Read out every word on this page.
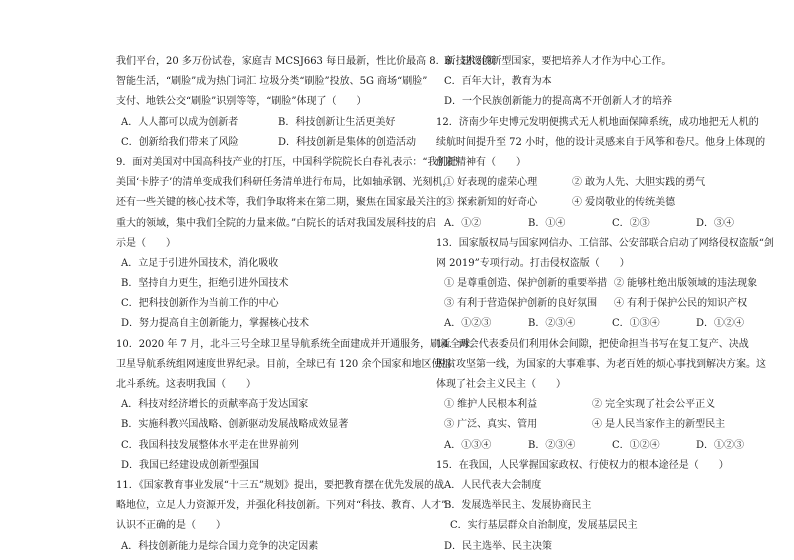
我们平台，20 多万份试卷，家庭吉 MCSJ663 每日最新，性比价最高 8．新技术引领
智能生活，“刷脸”成为热门词汇 垃圾分类“刷脸”投放、5G 商场“刷脸”
支付、地铁公交“刷脸”识别等等，“刷脸”体现了（　　）
A．人人都可以成为创新者	B．科技创新让生活更美好
C．创新给我们带来了风险	D．科技创新是集体的创造活动
9．面对美国对中国高科技产业的打压，中国科学院院长白春礼表示：“我们把
美国‘卡脖子’的清单变成我们科研任务清单进行布局，比如轴承钢、光刻机，
还有一些关键的核心技术等，我们争取将来在第二期，聚焦在国家最关注的
重大的领域，集中我们全院的力量来做。”白院长的话对我国发展科技的启
示是（　　）
A．立足于引进外国技术，消化吸收
B．坚持自力更生，拒绝引进外国技术
C．把科技创新作为当前工作的中心
D．努力提高自主创新能力，掌握核心技术
10．2020 年 7 月，北斗三号全球卫星导航系统全面建成并开通服务，刷新全球
卫星导航系统组网速度世界纪录。目前，全球已有 120 余个国家和地区使用
北斗系统。这表明我国（　　）
A．科技对经济增长的贡献率高于发达国家
B．实施科教兴国战略、创新驱动发展战略成效显著
C．我国科技发展整体水平走在世界前列
D．我国已经建设成创新型强国
11．《国家教育事业发展“十三五”规划》提出，要把教育摆在优先发展的战
略地位，立足人力资源开发，并强化科技创新。下列对“科技、教育、人才”
认识不正确的是（　　）
A．科技创新能力是综合国力竞争的决定因素
B．建设创新型国家，要把培养人才作为中心工作。
C．百年大计，教育为本
D．一个民族创新能力的提高离不开创新人才的培养
12．济南少年史博元发明便携式无人机地面保障系统，成功地把无人机的
续航时间提升至 72 小时，他的设计灵感来自于风筝和卷尺。他身上体现的
创新精神有（　　）
① 好表现的虚荣心理	② 敢为人先、大胆实践的勇气
③ 探索新知的好奇心	④ 爱岗敬业的传统美德
A．①②	B．①④	C．②③	D．③④
13．国家版权局与国家网信办、工信部、公安部联合启动了网络侵权盗版“剑
网 2019”专项行动。打击侵权盗版（　　）
① 是尊重创造、保护创新的重要举措 ② 能够杜绝出版领域的违法现象
③ 有利于营造保护创新的良好氛围 ④ 有利于保护公民的知识产权
A．①②③	B．②③④	C．①③④	D．①②④
14．两会代表委员们利用休会间隙，把使命担当书写在复工复产、决战
脱贫攻坚第一线，为国家的大事难事、为老百姓的烦心事找到解决方案。这
体现了社会主义民主（　　）
① 维护人民根本利益	② 完全实现了社会公平正义
③ 广泛、真实、管用	④ 是人民当家作主的新型民主
A．①③④	B．②③④	C．①②④	D．①②③
15．在我国，人民掌握国家政权、行使权力的根本途径是（　　）
A．人民代表大会制度
B．发展选举民主、发展协商民主
C．实行基层群众自治制度，发展基层民主
D．民主选举、民主决策
